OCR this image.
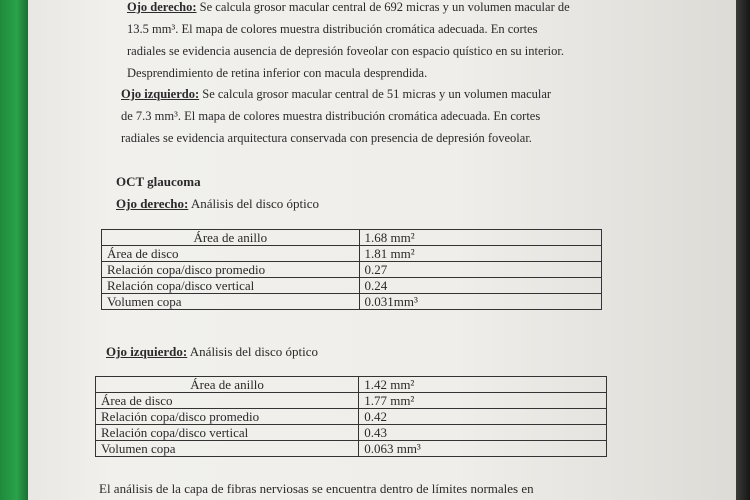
Ojo derecho: Se calcula grosor macular central de 692 micras y un volumen macular de
13.5 mm³. El mapa de colores muestra distribución cromática adecuada. En cortes
radiales se evidencia ausencia de depresión foveolar con espacio quístico en su interior.
Desprendimiento de retina inferior con macula desprendida.
Ojo izquierdo: Se calcula grosor macular central de 51 micras y un volumen macular
de 7.3 mm³. El mapa de colores muestra distribución cromática adecuada. En cortes
radiales se evidencia arquitectura conservada con presencia de depresión foveolar.
OCT glaucoma
Ojo derecho: Análisis del disco óptico
Área de anillo	1.68 mm²
Área de disco	1.81 mm²
Relación copa/disco promedio	0.27
Relación copa/disco vertical	0.24
Volumen copa	0.031mm³
Ojo izquierdo: Análisis del disco óptico
Área de anillo	1.42 mm²
Área de disco	1.77 mm²
Relación copa/disco promedio	0.42
Relación copa/disco vertical	0.43
Volumen copa	0.063 mm³
El análisis de la capa de fibras nerviosas se encuentra dentro de límites normales en
